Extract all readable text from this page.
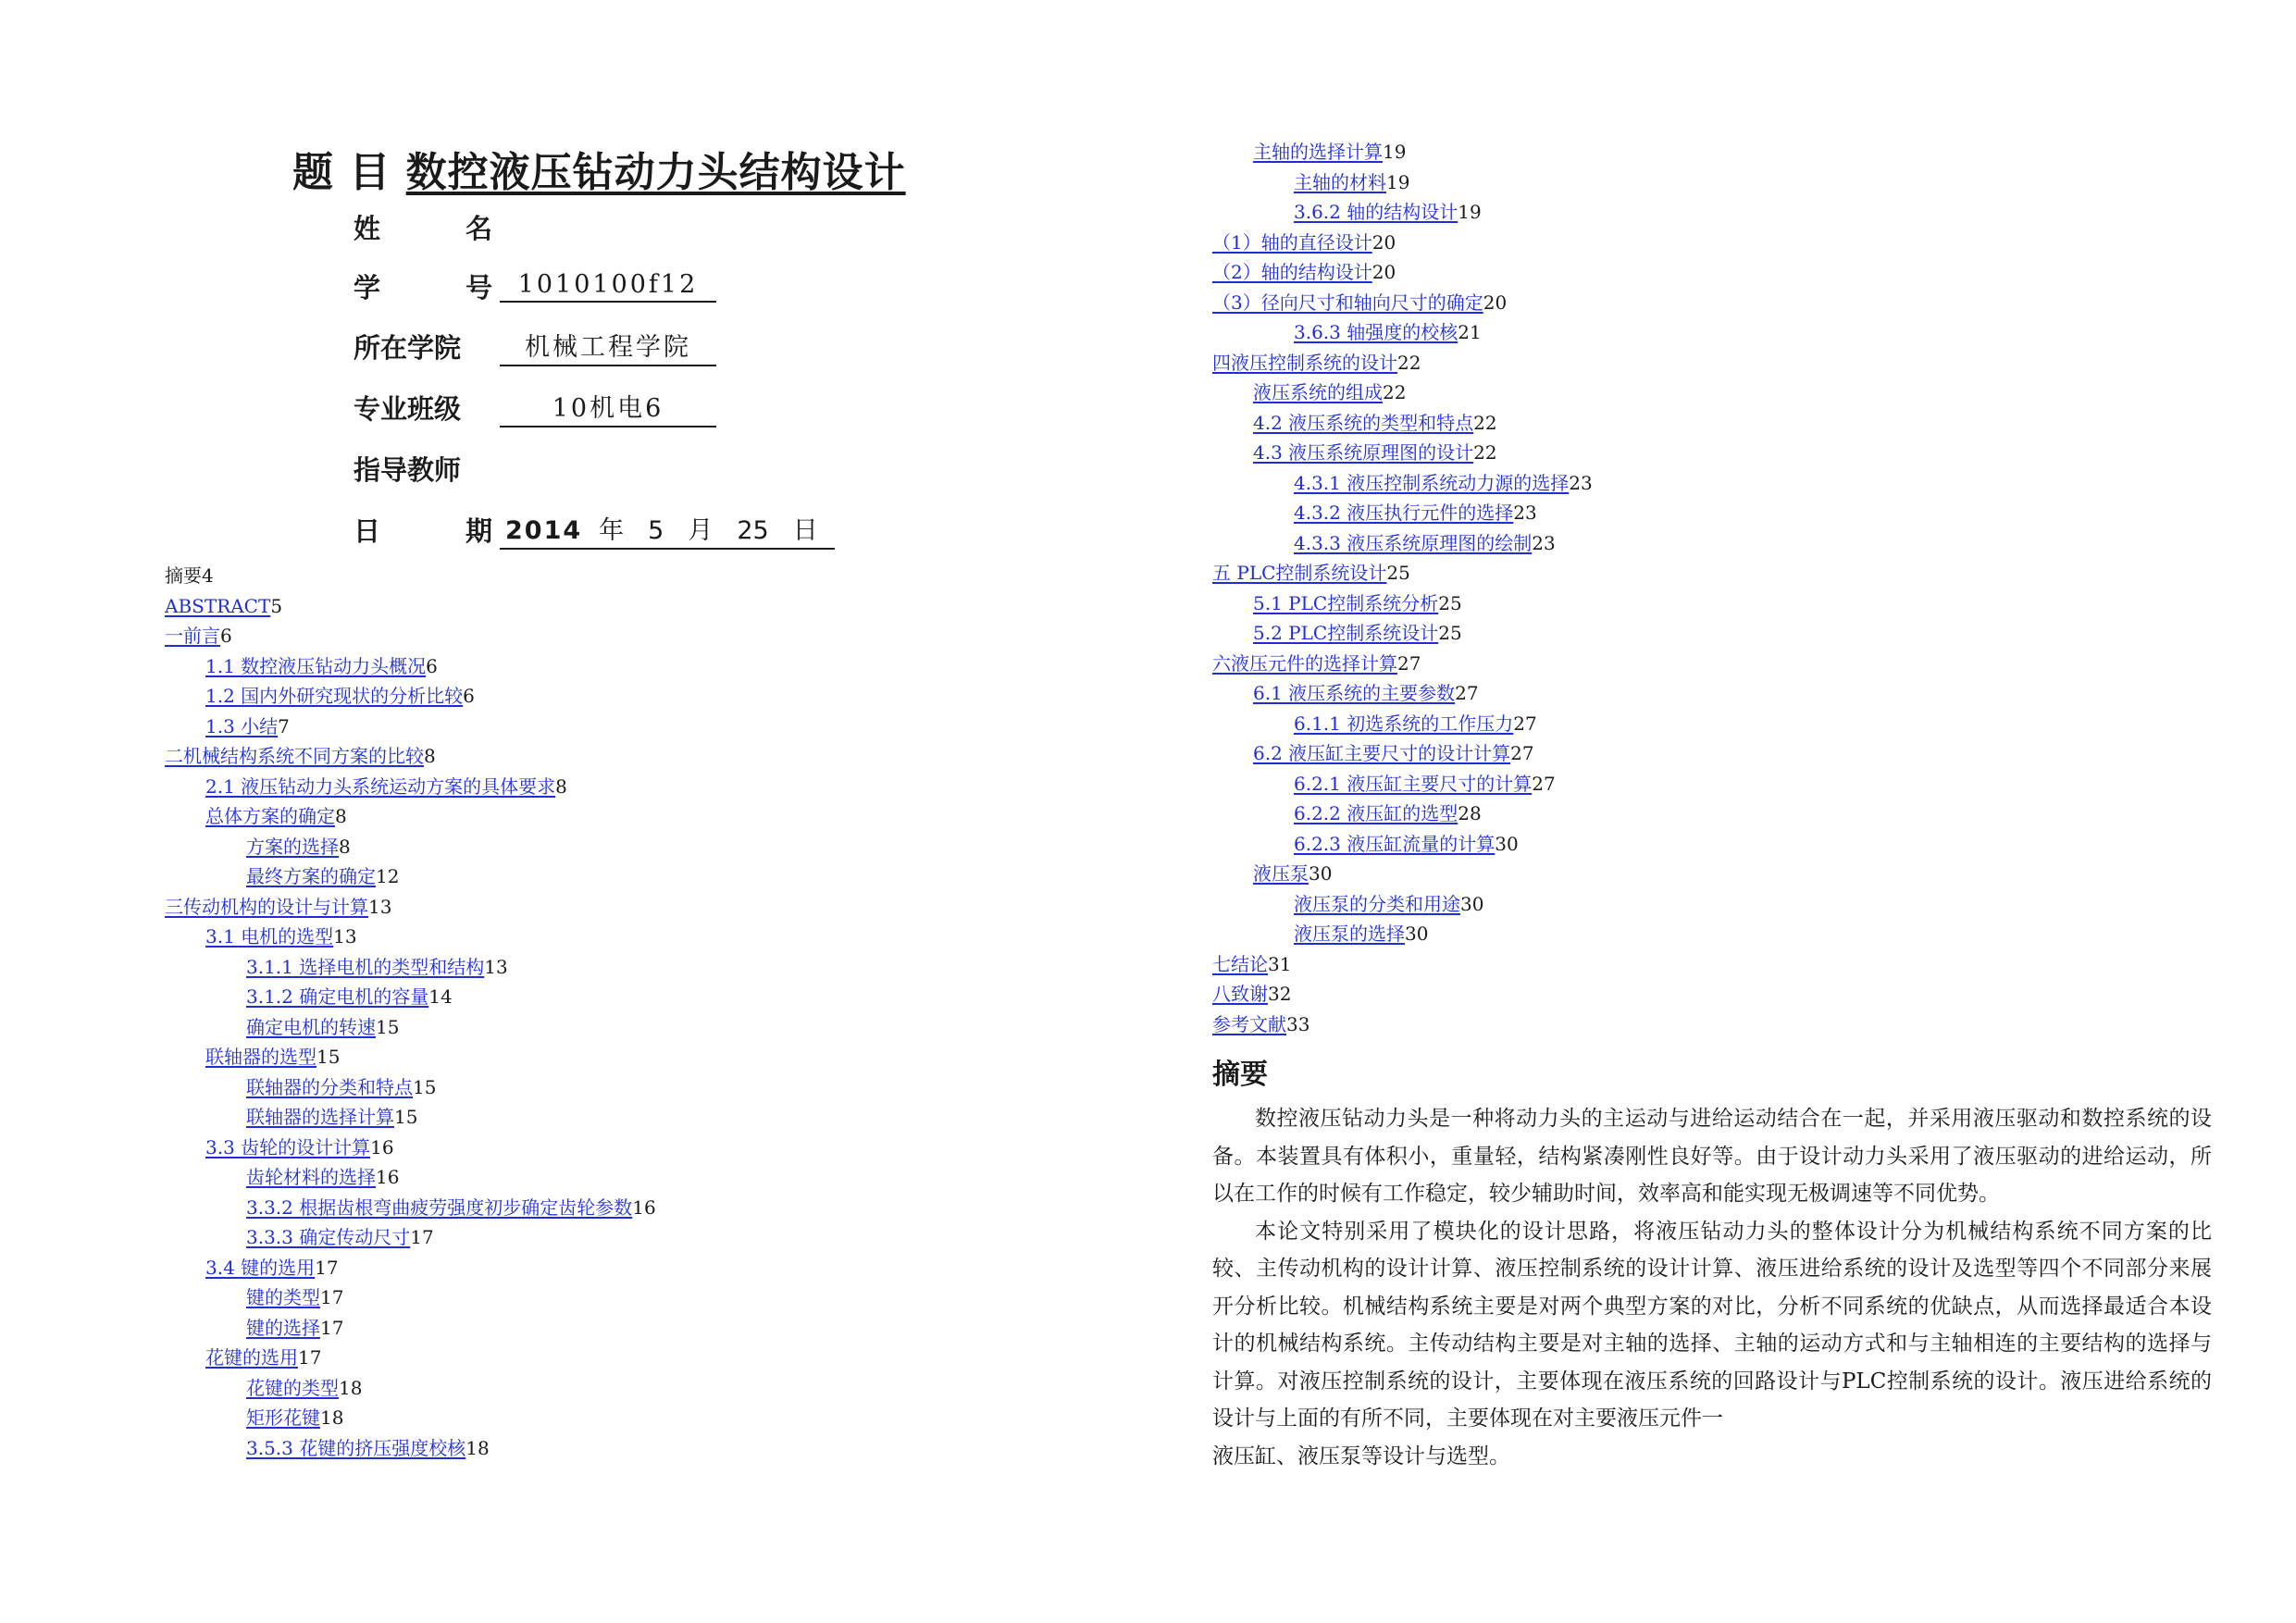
题 目 数控液压钻动力头结构设计
姓	名
学	号	1010100f12
所在学院	机械工程学院
专业班级	10机电6
指导教师
日	期 2014 年 5 月 25 日
摘要4
ABSTRACT5
一前言6
1.1 数控液压钻动力头概况6
1.2 国内外研究现状的分析比较6
1.3 小结7
二机械结构系统不同方案的比较8
2.1 液压钻动力头系统运动方案的具体要求8
总体方案的确定8
方案的选择8
最终方案的确定12
三传动机构的设计与计算13
3.1 电机的选型13
3.1.1 选择电机的类型和结构13
3.1.2 确定电机的容量14
确定电机的转速15
联轴器的选型15
联轴器的分类和特点15
联轴器的选择计算15
3.3 齿轮的设计计算16
齿轮材料的选择16
3.3.2 根据齿根弯曲疲劳强度初步确定齿轮参数16
3.3.3 确定传动尺寸17
3.4 键的选用17
键的类型17
键的选择17
花键的选用17
花键的类型18
矩形花键18
3.5.3 花键的挤压强度校核18
主轴的选择计算19
主轴的材料19
3.6.2 轴的结构设计19
（1）轴的直径设计20
（2）轴的结构设计20
（3）径向尺寸和轴向尺寸的确定20
3.6.3 轴强度的校核21
四液压控制系统的设计22
液压系统的组成22
4.2 液压系统的类型和特点22
4.3 液压系统原理图的设计22
4.3.1 液压控制系统动力源的选择23
4.3.2 液压执行元件的选择23
4.3.3 液压系统原理图的绘制23
五 PLC控制系统设计25
5.1 PLC控制系统分析25
5.2 PLC控制系统设计25
六液压元件的选择计算27
6.1 液压系统的主要参数27
6.1.1 初选系统的工作压力27
6.2 液压缸主要尺寸的设计计算27
6.2.1 液压缸主要尺寸的计算27
6.2.2 液压缸的选型28
6.2.3 液压缸流量的计算30
液压泵30
液压泵的分类和用途30
液压泵的选择30
七结论31
八致谢32
参考文献33
摘要

数控液压钻动力头是一种将动力头的主运动与进给运动结合在一起，并采用液压驱动和数控系统的设备。本装置具有体积小，重量轻，结构紧凑刚性良好等。由于设计动力头采用了液压驱动的进给运动，所以在工作的时候有工作稳定，较少辅助时间，效率高和能实现无极调速等不同优势。

本论文特别采用了模块化的设计思路，将液压钻动力头的整体设计分为机械结构系统不同方案的比较、主传动机构的设计计算、液压控制系统的设计计算、液压进给系统的设计及选型等四个不同部分来展开分析比较。机械结构系统主要是对两个典型方案的对比，分析不同系统的优缺点，从而选择最适合本设计的机械结构系统。主传动结构主要是对主轴的选择、主轴的运动方式和与主轴相连的主要结构的选择与计算。对液压控制系统的设计，主要体现在液压系统的回路设计与PLC控制系统的设计。液压进给系统的设计与上面的有所不同，主要体现在对主要液压元件一

液压缸、液压泵等设计与选型。
